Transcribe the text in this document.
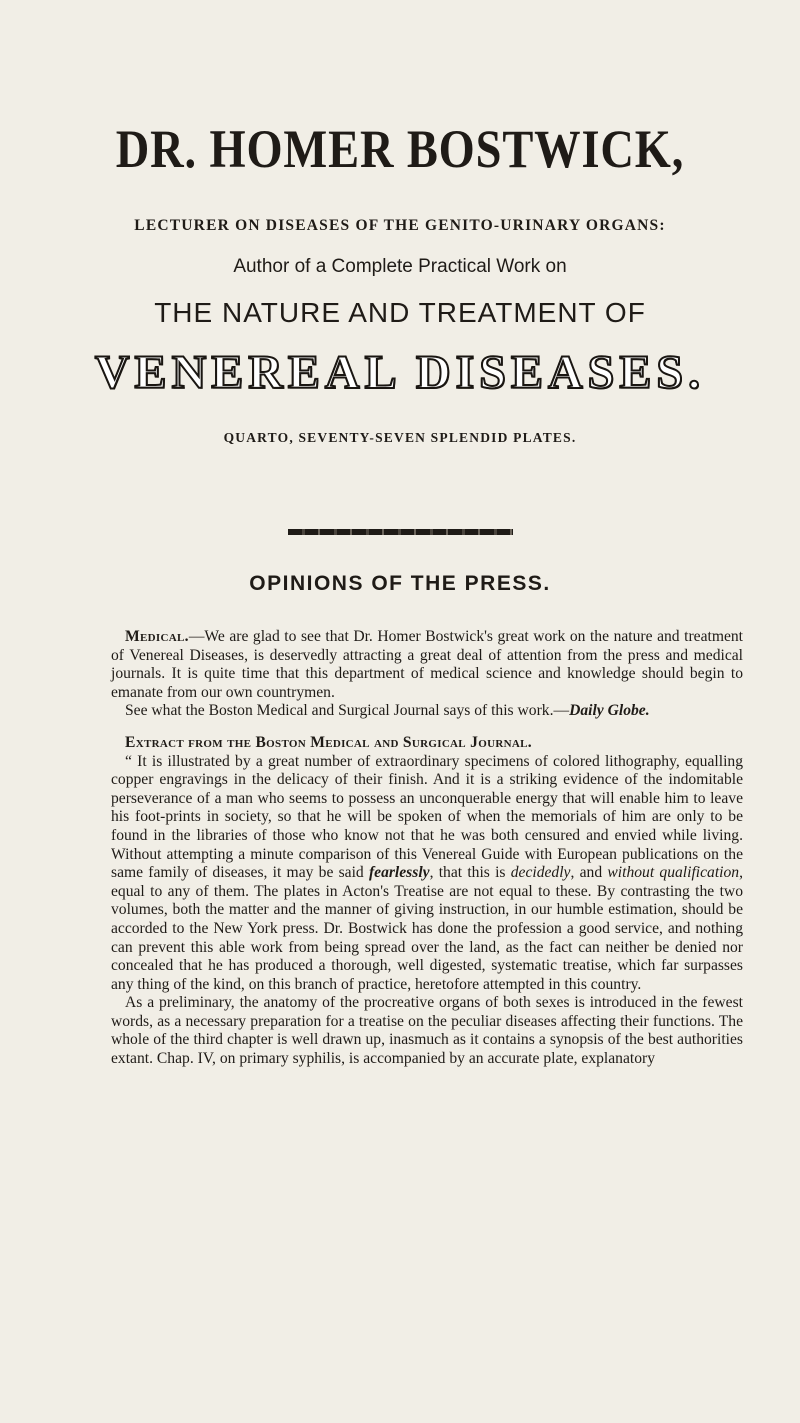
DR. HOMER BOSTWICK,
LECTURER ON DISEASES OF THE GENITO-URINARY ORGANS:
Author of a Complete Practical Work on
THE NATURE AND TREATMENT OF
VENEREAL DISEASES.
QUARTO, SEVENTY-SEVEN SPLENDID PLATES.
OPINIONS OF THE PRESS.

Medical.—We are glad to see that Dr. Homer Bostwick's great work on the nature and treatment of Venereal Diseases, is deservedly attracting a great deal of attention from the press and medical journals. It is quite time that this department of medical science and knowledge should begin to emanate from our own countrymen.

See what the Boston Medical and Surgical Journal says of this work.—Daily Globe.

Extract from the Boston Medical and Surgical Journal.

“ It is illustrated by a great number of extraordinary specimens of colored lithography, equalling copper engravings in the delicacy of their finish. And it is a striking evidence of the indomitable perseverance of a man who seems to possess an unconquerable energy that will enable him to leave his foot-prints in society, so that he will be spoken of when the memorials of him are only to be found in the libraries of those who know not that he was both censured and envied while living. Without attempting a minute comparison of this Venereal Guide with European publications on the same family of diseases, it may be said fearlessly, that this is decidedly, and without qualification, equal to any of them. The plates in Acton's Treatise are not equal to these. By contrasting the two volumes, both the matter and the manner of giving instruction, in our humble estimation, should be accorded to the New York press. Dr. Bostwick has done the profession a good service, and nothing can prevent this able work from being spread over the land, as the fact can neither be denied nor concealed that he has produced a thorough, well digested, systematic treatise, which far surpasses any thing of the kind, on this branch of practice, heretofore attempted in this country.

As a preliminary, the anatomy of the procreative organs of both sexes is introduced in the fewest words, as a necessary preparation for a treatise on the peculiar diseases affecting their functions. The whole of the third chapter is well drawn up, inasmuch as it contains a synopsis of the best authorities extant. Chap. IV, on primary syphilis, is accompanied by an accurate plate, explanatory
